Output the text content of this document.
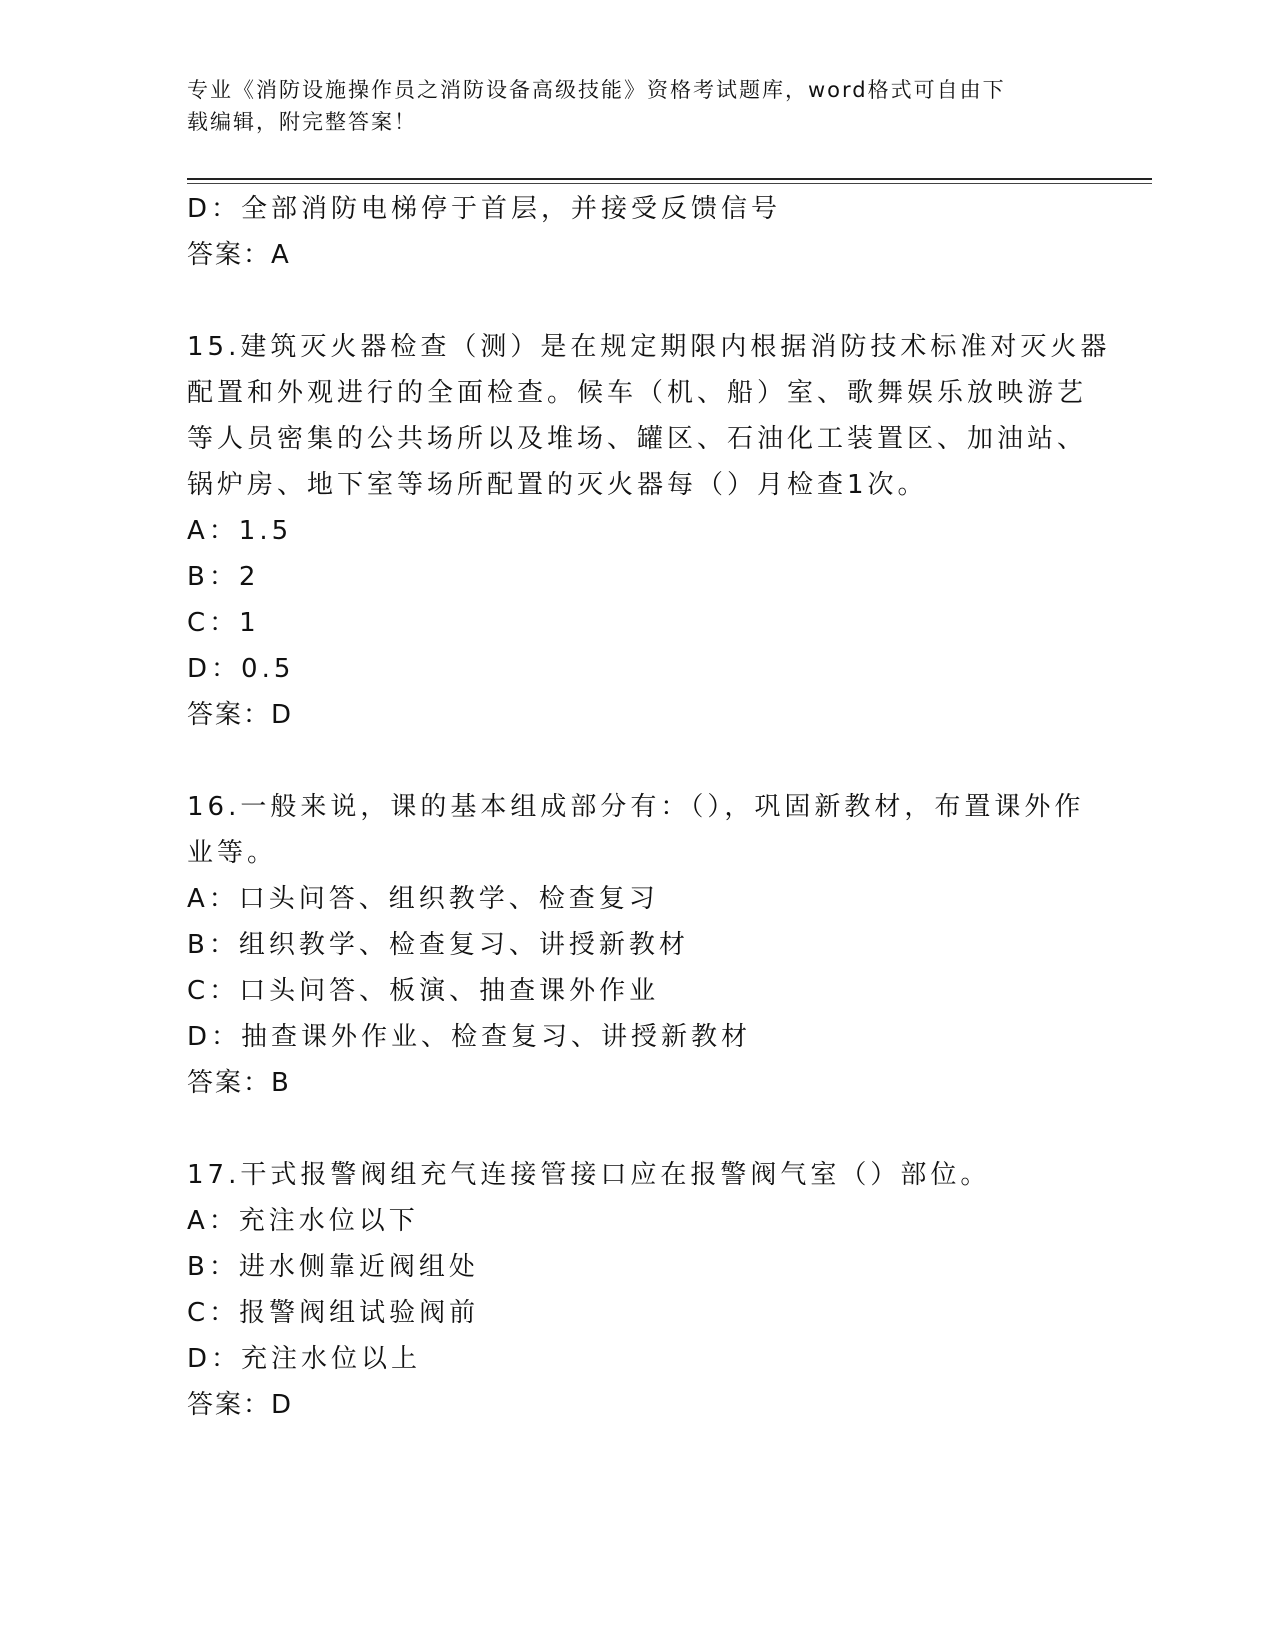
专业《消防设施操作员之消防设备高级技能》资格考试题库，word格式可自由下
载编辑，附完整答案！
D：全部消防电梯停于首层，并接受反馈信号
答案：A
15.建筑灭火器检查（测）是在规定期限内根据消防技术标准对灭火器
配置和外观进行的全面检查。候车（机、船）室、歌舞娱乐放映游艺
等人员密集的公共场所以及堆场、罐区、石油化工装置区、加油站、
锅炉房、地下室等场所配置的灭火器每（）月检查1次。
A：1.5
B：2
C：1
D：0.5
答案：D
16.一般来说，课的基本组成部分有：（），巩固新教材，布置课外作
业等。
A：口头问答、组织教学、检查复习
B：组织教学、检查复习、讲授新教材
C：口头问答、板演、抽查课外作业
D：抽查课外作业、检查复习、讲授新教材
答案：B
17.干式报警阀组充气连接管接口应在报警阀气室（）部位。
A：充注水位以下
B：进水侧靠近阀组处
C：报警阀组试验阀前
D：充注水位以上
答案：D
